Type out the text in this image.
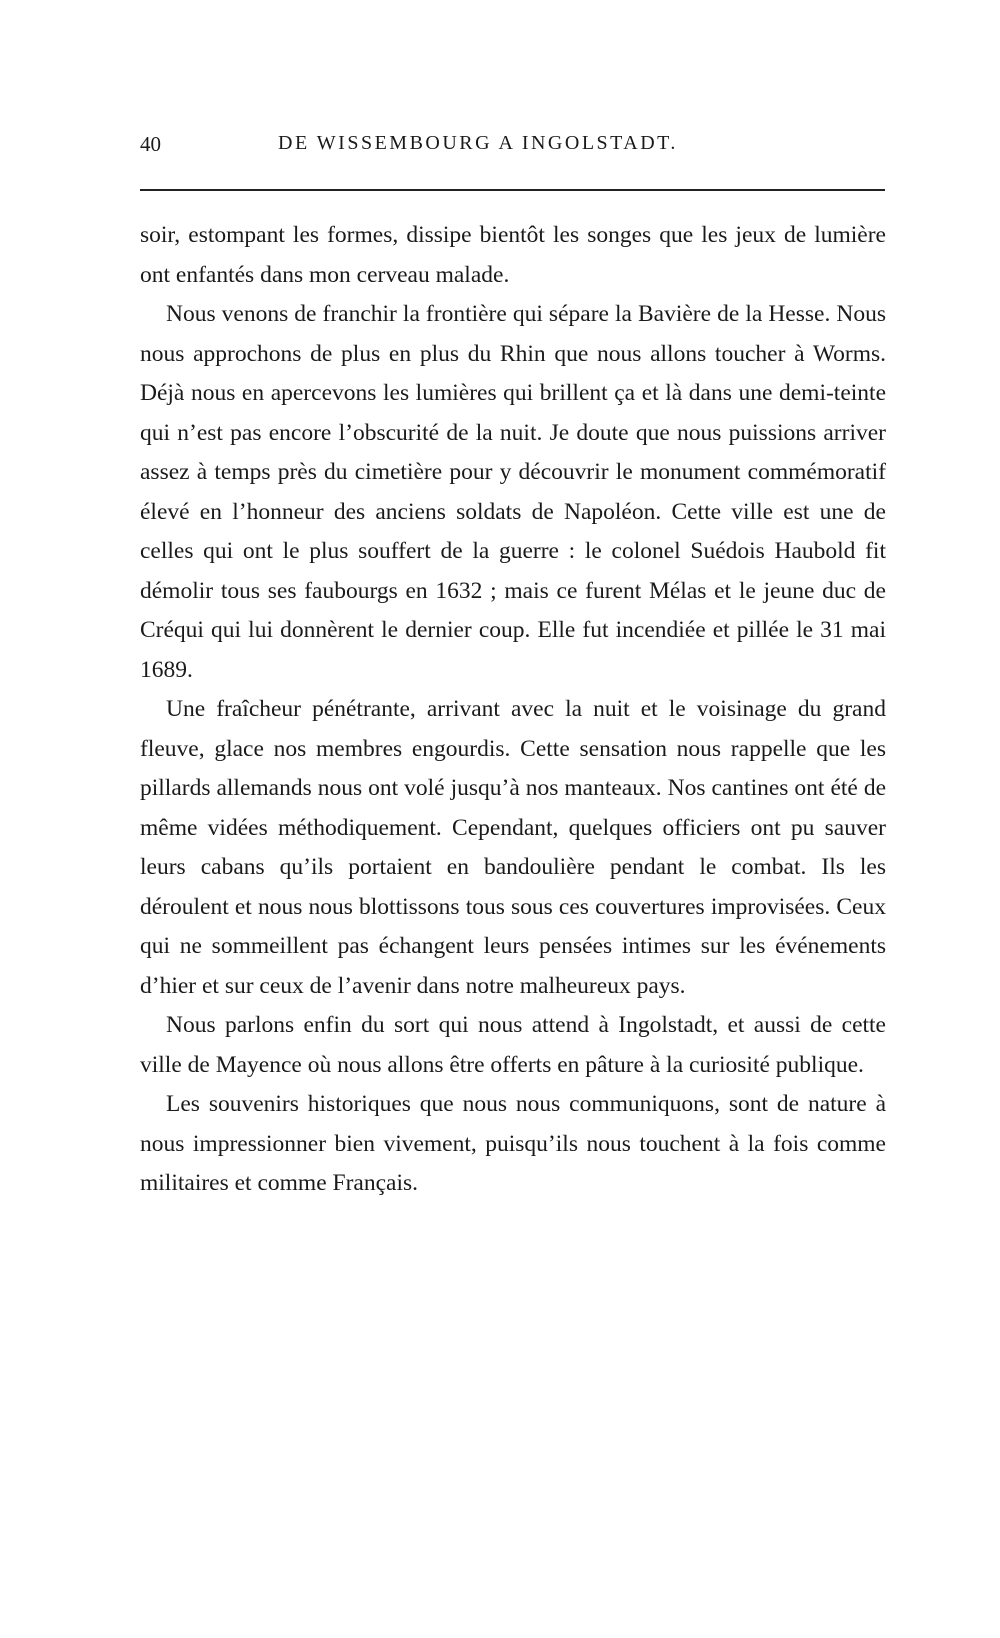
40	DE WISSEMBOURG A INGOLSTADT.

soir, estompant les formes, dissipe bientôt les songes que les jeux de lumière ont enfantés dans mon cerveau malade.

Nous venons de franchir la frontière qui sépare la Bavière de la Hesse. Nous nous approchons de plus en plus du Rhin que nous allons toucher à Worms. Déjà nous en apercevons les lumières qui brillent ça et là dans une demi-teinte qui n’est pas encore l’obscurité de la nuit. Je doute que nous puissions arriver assez à temps près du cimetière pour y découvrir le monument commémoratif élevé en l’honneur des anciens soldats de Napoléon. Cette ville est une de celles qui ont le plus souffert de la guerre : le colonel Suédois Haubold fit démolir tous ses faubourgs en 1632 ; mais ce furent Mélas et le jeune duc de Créqui qui lui donnèrent le dernier coup. Elle fut incendiée et pillée le 31 mai 1689.

Une fraîcheur pénétrante, arrivant avec la nuit et le voisinage du grand fleuve, glace nos membres engourdis. Cette sensation nous rappelle que les pillards allemands nous ont volé jusqu’à nos manteaux. Nos cantines ont été de même vidées méthodiquement. Cependant, quelques officiers ont pu sauver leurs cabans qu’ils portaient en bandoulière pendant le combat. Ils les déroulent et nous nous blottissons tous sous ces couvertures improvisées. Ceux qui ne sommeillent pas échangent leurs pensées intimes sur les événements d’hier et sur ceux de l’avenir dans notre malheureux pays.

Nous parlons enfin du sort qui nous attend à Ingolstadt, et aussi de cette ville de Mayence où nous allons être offerts en pâture à la curiosité publique.

Les souvenirs historiques que nous nous communiquons, sont de nature à nous impressionner bien vivement, puisqu’ils nous touchent à la fois comme militaires et comme Français.
